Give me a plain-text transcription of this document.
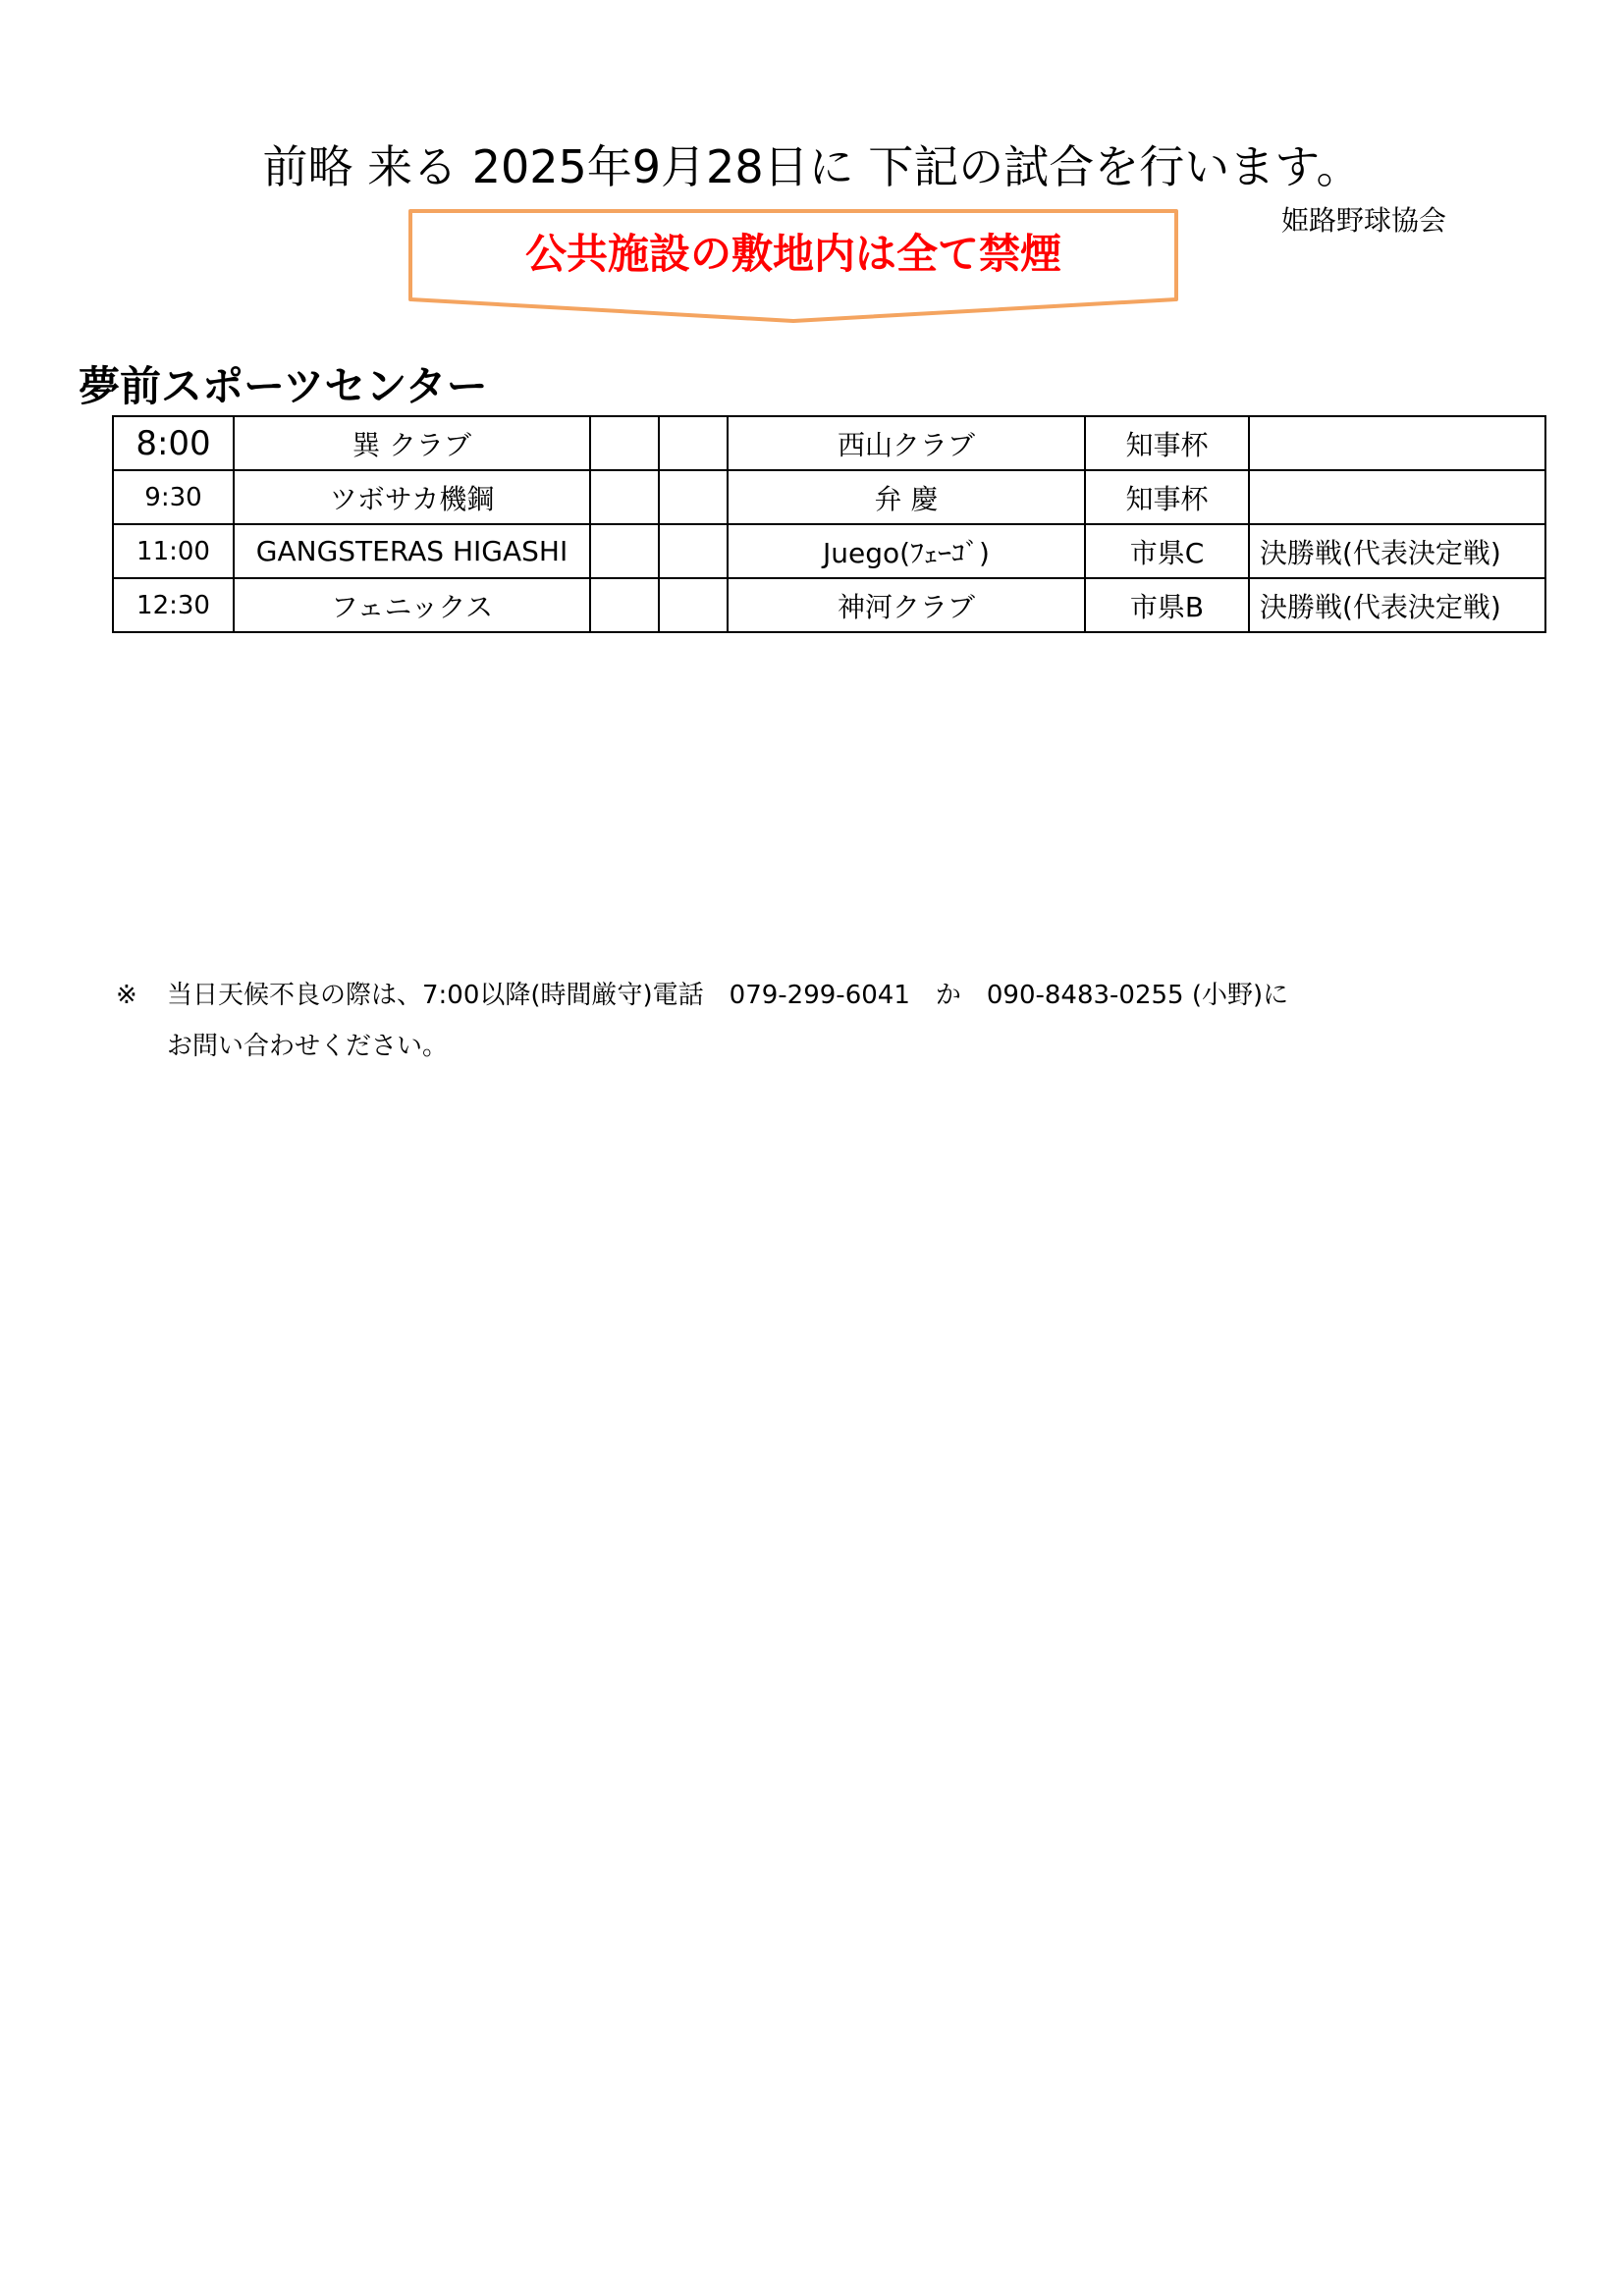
前略 来る 2025年9月28日に 下記の試合を行います。
姫路野球協会
公共施設の敷地内は全て禁煙
夢前スポーツセンター
8:00	巽 クラブ			西山クラブ	知事杯	
9:30	ツボサカ機鋼			弁 慶	知事杯	
11:00	GANGSTERAS HIGASHI			Juego(ﾌｪｰｺﾞ)	市県C	決勝戦(代表決定戦)
12:30	フェニックス			神河クラブ	市県B	決勝戦(代表決定戦)
※ 当日天候不良の際は、7:00以降(時間厳守)電話　079-299-6041　か　090-8483-0255 (小野)に
お問い合わせください。
